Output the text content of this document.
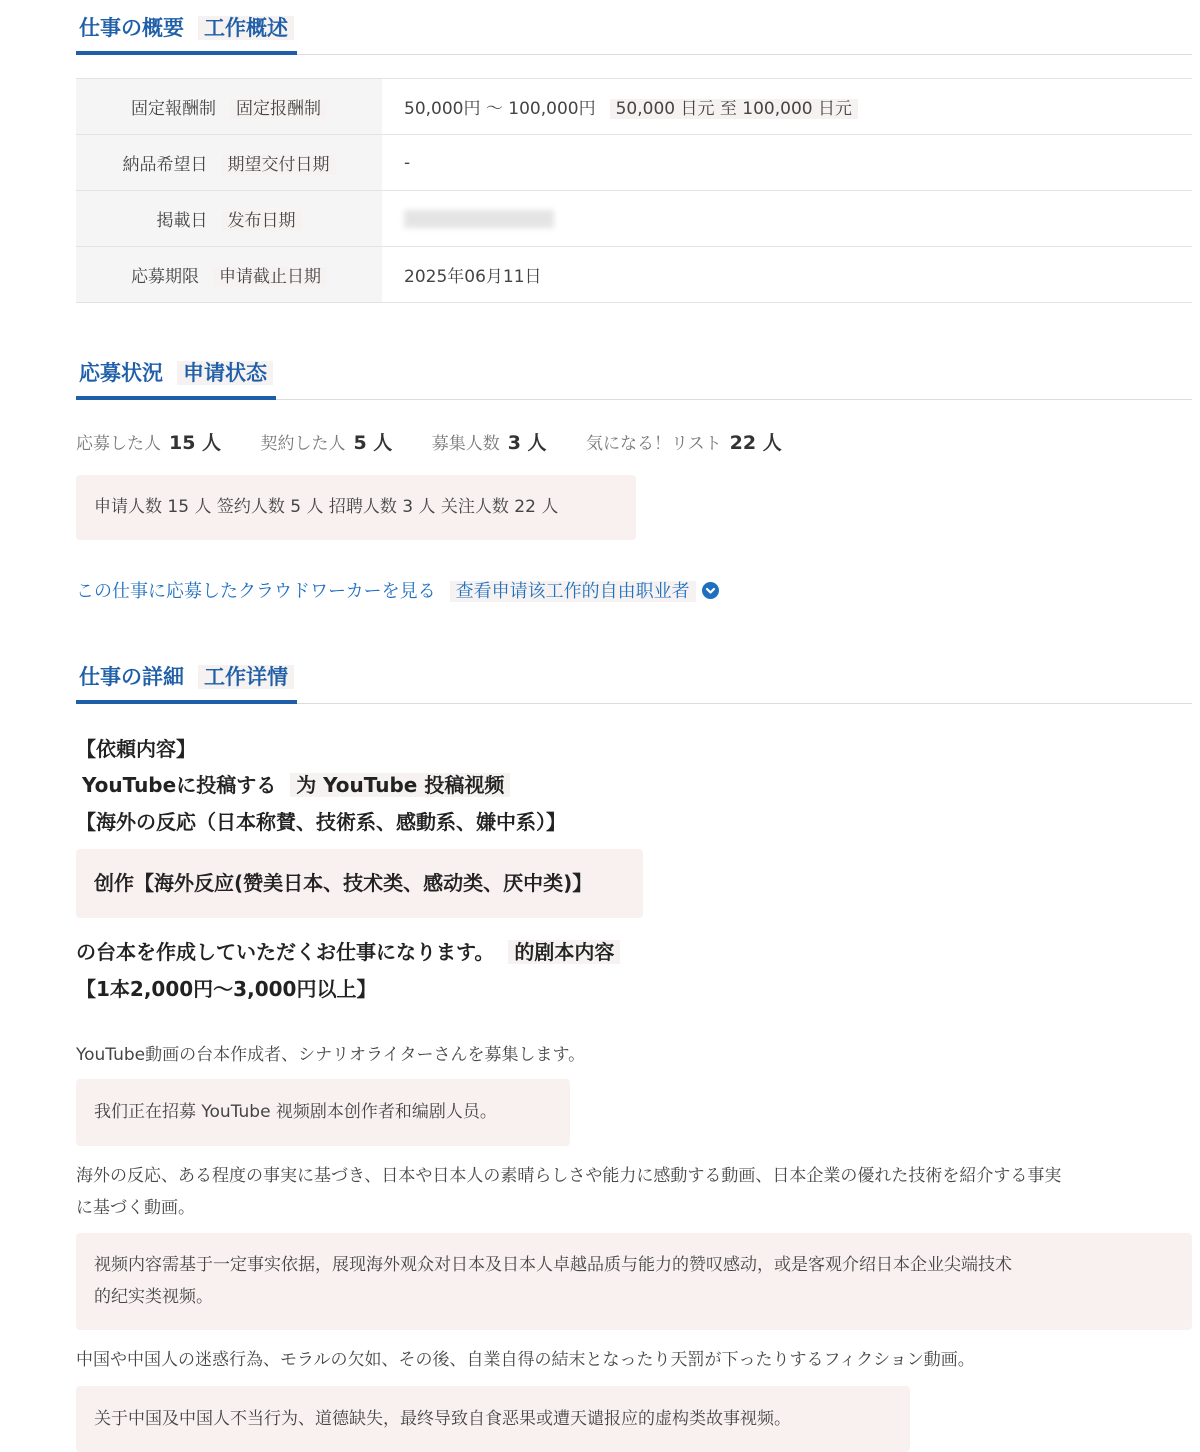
仕事の概要 工作概述
固定報酬制 固定报酬制	50,000円 〜 100,000円 50,000 日元 至 100,000 日元
納品希望日 期望交付日期	-
掲載日 发布日期	
応募期限 申请截止日期	2025年06月11日
応募状況 申请状态
応募した人 15 人 契約した人 5 人 募集人数 3 人 気になる！リスト 22 人
申请人数 15 人 签约人数 5 人 招聘人数 3 人 关注人数 22 人
この仕事に応募したクラウドワーカーを見る 查看申请该工作的自由职业者
仕事の詳細 工作详情
【依頼内容】
YouTubeに投稿する 为 YouTube 投稿视频
【海外の反応（日本称賛、技術系、感動系、嫌中系）】
创作【海外反应(赞美日本、技术类、感动类、厌中类)】
の台本を作成していただくお仕事になります。 的剧本内容
【1本2,000円〜3,000円以上】
YouTube動画の台本作成者、シナリオライターさんを募集します。
我们正在招募 YouTube 视频剧本创作者和编剧人员。
海外の反応、ある程度の事実に基づき、日本や日本人の素晴らしさや能力に感動する動画、日本企業の優れた技術を紹介する事実
に基づく動画。
视频内容需基于一定事实依据，展现海外观众对日本及日本人卓越品质与能力的赞叹感动，或是客观介绍日本企业尖端技术
的纪实类视频。
中国や中国人の迷惑行為、モラルの欠如、その後、自業自得の結末となったり天罰が下ったりするフィクション動画。
关于中国及中国人不当行为、道德缺失，最终导致自食恶果或遭天谴报应的虚构类故事视频。
